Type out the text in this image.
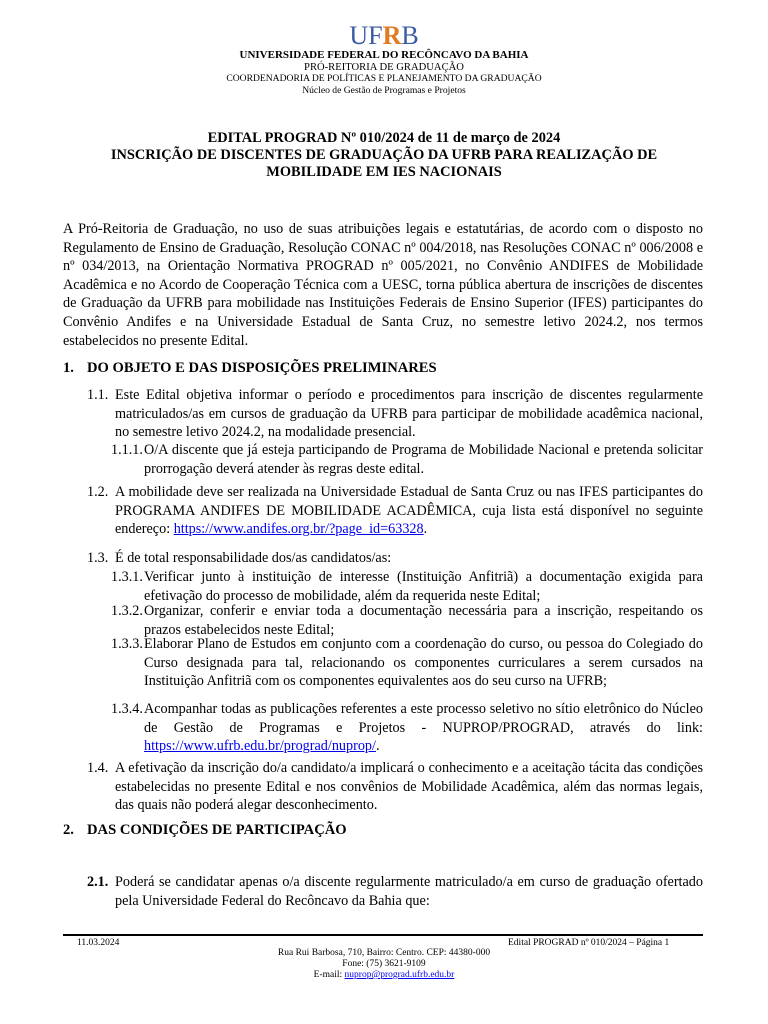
UFRB
UNIVERSIDADE FEDERAL DO RECÔNCAVO DA BAHIA
PRÓ-REITORIA DE GRADUAÇÃO
COORDENADORIA DE POLÍTICAS E PLANEJAMENTO DA GRADUAÇÃO
Núcleo de Gestão de Programas e Projetos
EDITAL PROGRAD Nº 010/2024 de 11 de março de 2024
INSCRIÇÃO DE DISCENTES DE GRADUAÇÃO DA UFRB PARA REALIZAÇÃO DE
MOBILIDADE EM IES NACIONAIS

A Pró-Reitoria de Graduação, no uso de suas atribuições legais e estatutárias, de acordo com o disposto no Regulamento de Ensino de Graduação, Resolução CONAC nº 004/2018, nas Resoluções CONAC nº 006/2008 e nº 034/2013, na Orientação Normativa PROGRAD nº 005/2021, no Convênio ANDIFES de Mobilidade Acadêmica e no Acordo de Cooperação Técnica com a UESC, torna pública abertura de inscrições de discentes de Graduação da UFRB para mobilidade nas Instituições Federais de Ensino Superior (IFES) participantes do Convênio Andifes e na Universidade Estadual de Santa Cruz, no semestre letivo 2024.2, nos termos estabelecidos no presente Edital.

1. DO OBJETO E DAS DISPOSIÇÕES PRELIMINARES
1.1. Este Edital objetiva informar o período e procedimentos para inscrição de discentes regularmente matriculados/as em cursos de graduação da UFRB para participar de mobilidade acadêmica nacional, no semestre letivo 2024.2, na modalidade presencial.

1.1.1. O/A discente que já esteja participando de Programa de Mobilidade Nacional e pretenda solicitar prorrogação deverá atender às regras deste edital.

1.2. A mobilidade deve ser realizada na Universidade Estadual de Santa Cruz ou nas IFES participantes do PROGRAMA ANDIFES DE MOBILIDADE ACADÊMICA, cuja lista está disponível no seguinte endereço: https://www.andifes.org.br/?page_id=63328.

1.3. É de total responsabilidade dos/as candidatos/as:

1.3.1. Verificar junto à instituição de interesse (Instituição Anfitriã) a documentação exigida para efetivação do processo de mobilidade, além da requerida neste Edital;

1.3.2. Organizar, conferir e enviar toda a documentação necessária para a inscrição, respeitando os prazos estabelecidos neste Edital;

1.3.3. Elaborar Plano de Estudos em conjunto com a coordenação do curso, ou pessoa do Colegiado do Curso designada para tal, relacionando os componentes curriculares a serem cursados na Instituição Anfitriã com os componentes equivalentes aos do seu curso na UFRB;

1.3.4. Acompanhar todas as publicações referentes a este processo seletivo no sítio eletrônico do Núcleo de Gestão de Programas e Projetos - NUPROP/PROGRAD, através do link: https://www.ufrb.edu.br/prograd/nuprop/.

1.4. A efetivação da inscrição do/a candidato/a implicará o conhecimento e a aceitação tácita das condições estabelecidas no presente Edital e nos convênios de Mobilidade Acadêmica, além das normas legais, das quais não poderá alegar desconhecimento.

2. DAS CONDIÇÕES DE PARTICIPAÇÃO
2.1. Poderá se candidatar apenas o/a discente regularmente matriculado/a em curso de graduação ofertado pela Universidade Federal do Recôncavo da Bahia que:

11.03.2024	Edital PROGRAD nº 010/2024 – Página 1
Rua Rui Barbosa, 710, Bairro: Centro. CEP: 44380-000
Fone: (75) 3621-9109
E-mail: nuprop@prograd.ufrb.edu.br
